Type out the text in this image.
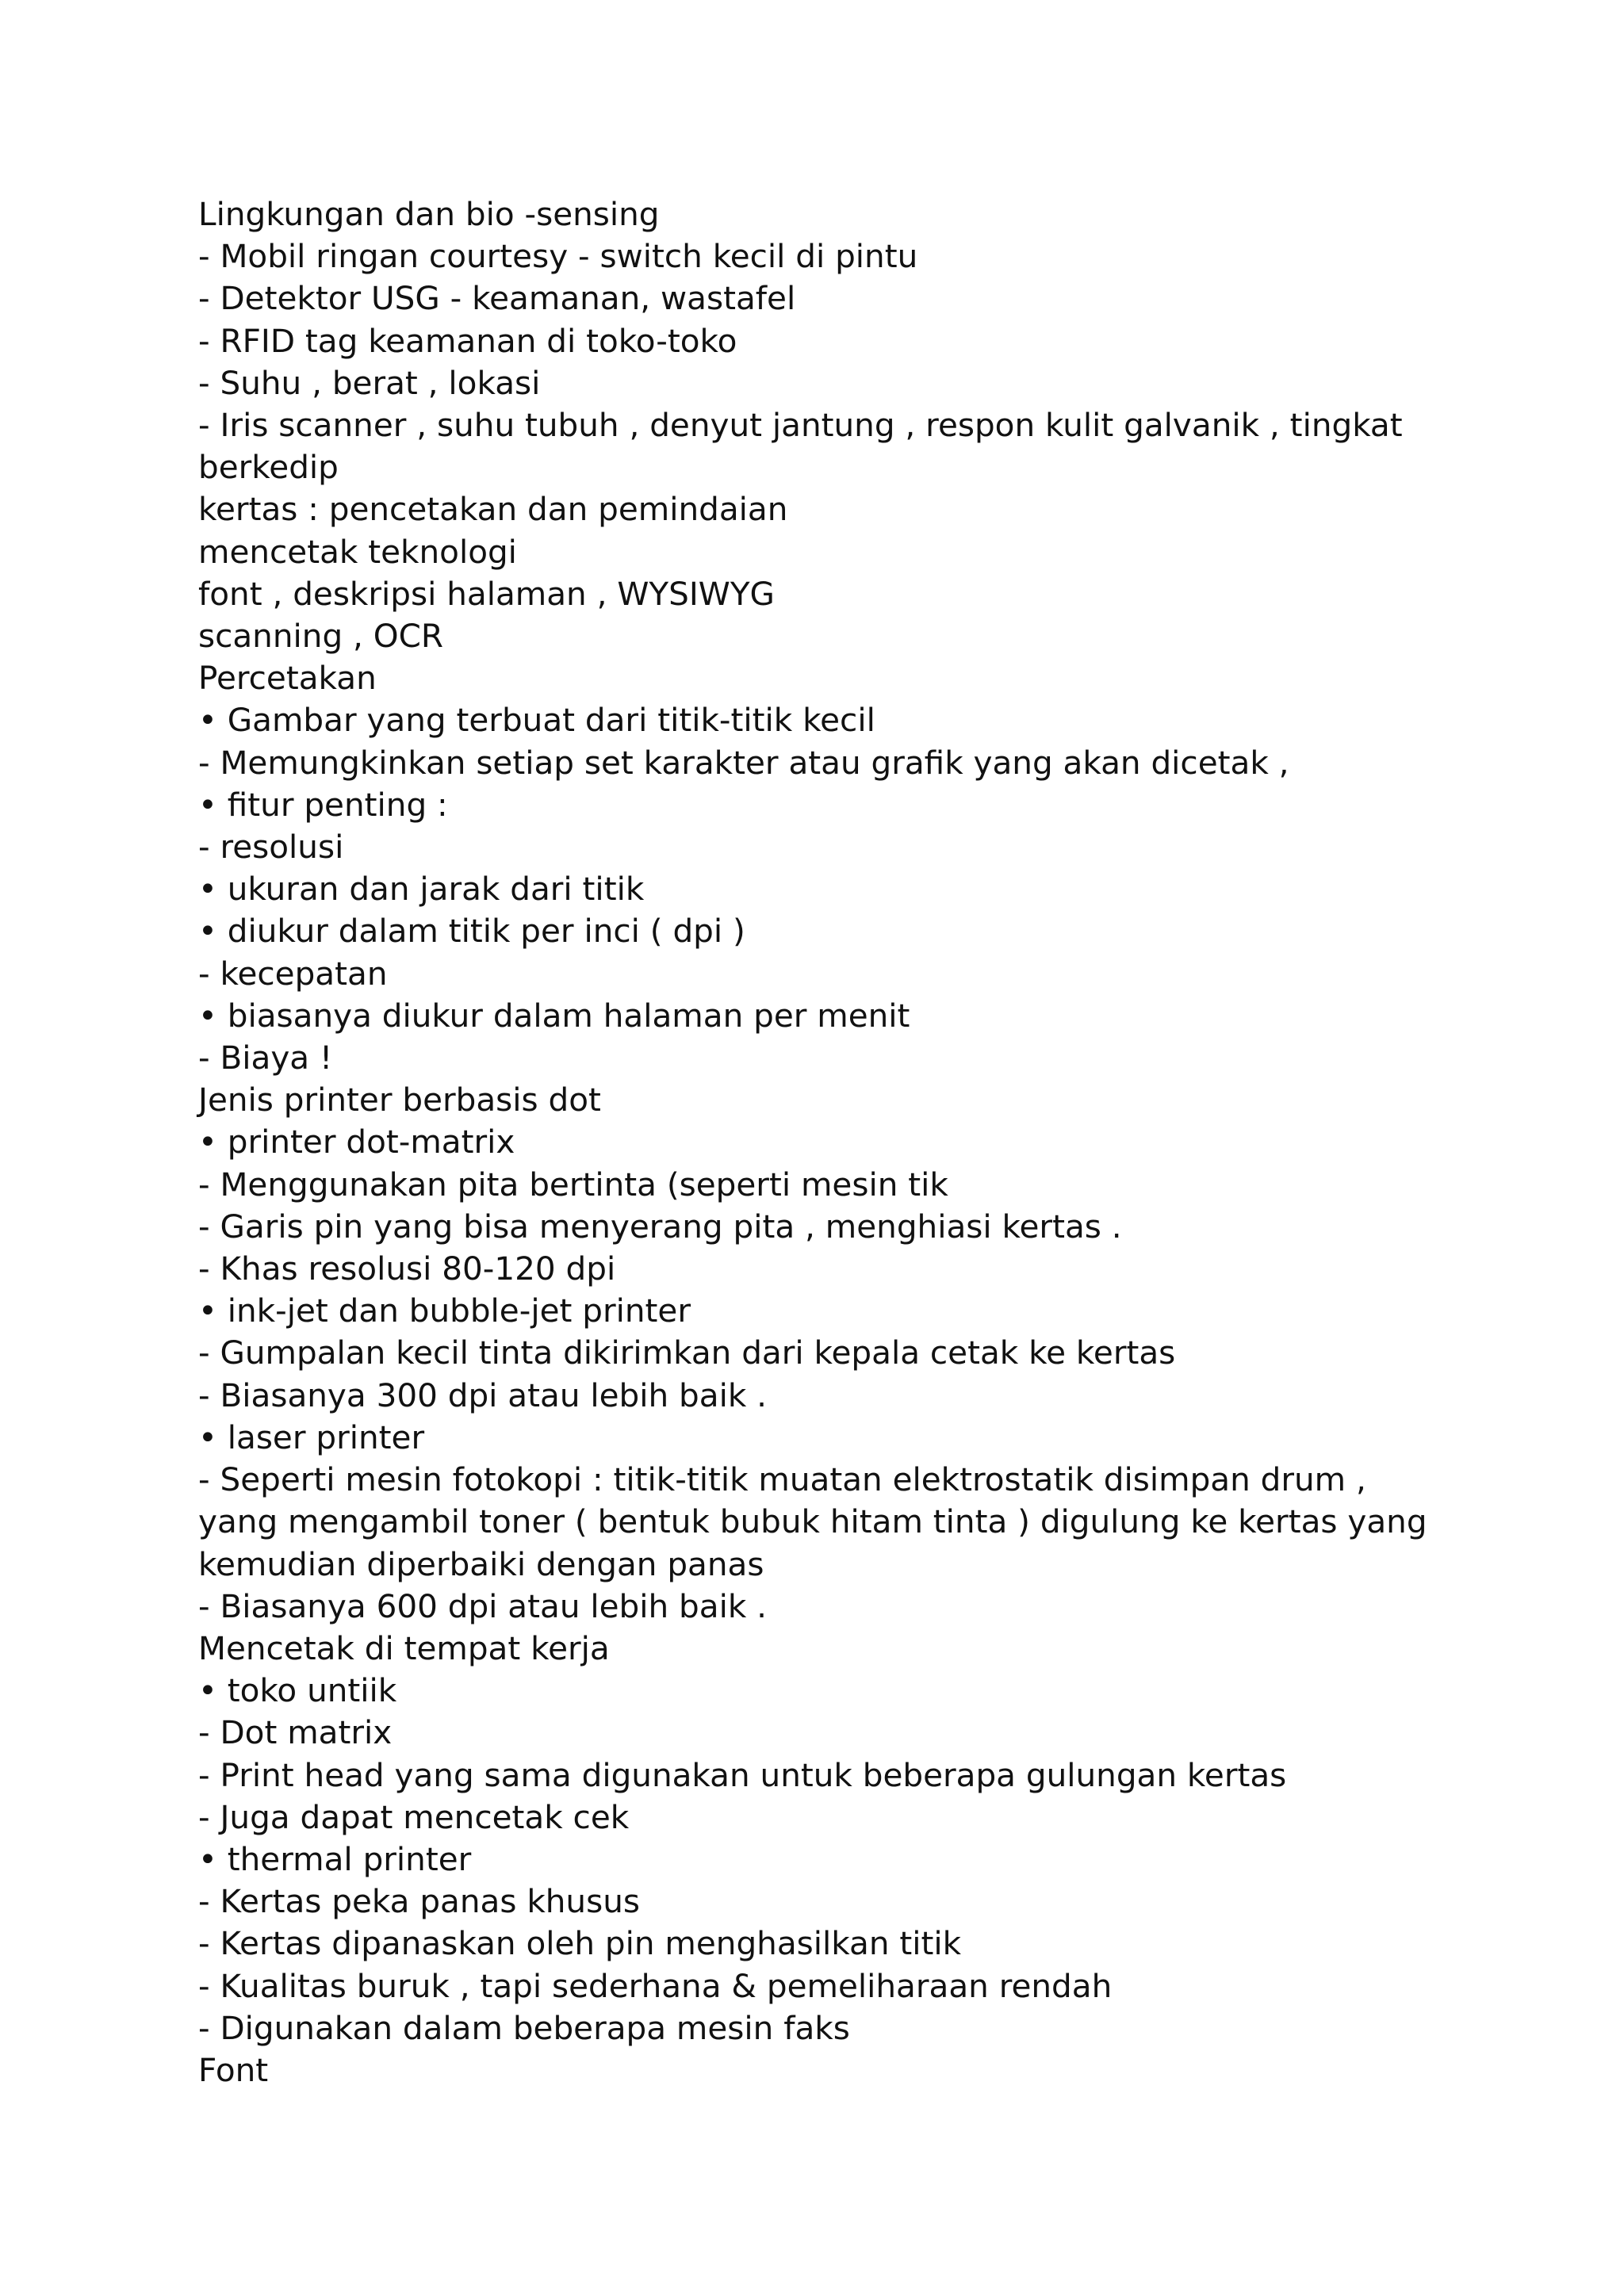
Lingkungan dan bio -sensing

- Mobil ringan courtesy - switch kecil di pintu

- Detektor USG - keamanan, wastafel

- RFID tag keamanan di toko-toko

- Suhu , berat , lokasi

- Iris scanner , suhu tubuh , denyut jantung , respon kulit galvanik , tingkat berkedip

kertas : pencetakan dan pemindaian

mencetak teknologi

font , deskripsi halaman , WYSIWYG

scanning , OCR

Percetakan

• Gambar yang terbuat dari titik-titik kecil

- Memungkinkan setiap set karakter atau grafik yang akan dicetak ,

• fitur penting :

- resolusi

• ukuran dan jarak dari titik

• diukur dalam titik per inci ( dpi )

- kecepatan

• biasanya diukur dalam halaman per menit

- Biaya !

Jenis printer berbasis dot

• printer dot-matrix

- Menggunakan pita bertinta (seperti mesin tik

- Garis pin yang bisa menyerang pita , menghiasi kertas .

- Khas resolusi 80-120 dpi

• ink-jet dan bubble-jet printer

- Gumpalan kecil tinta dikirimkan dari kepala cetak ke kertas

- Biasanya 300 dpi atau lebih baik .

• laser printer

- Seperti mesin fotokopi : titik-titik muatan elektrostatik disimpan drum , yang mengambil toner ( bentuk bubuk hitam tinta ) digulung ke kertas yang kemudian diperbaiki dengan panas

- Biasanya 600 dpi atau lebih baik .

Mencetak di tempat kerja

• toko untiik

- Dot matrix

- Print head yang sama digunakan untuk beberapa gulungan kertas

- Juga dapat mencetak cek

• thermal printer

- Kertas peka panas khusus

- Kertas dipanaskan oleh pin menghasilkan titik

- Kualitas buruk , tapi sederhana & pemeliharaan rendah

- Digunakan dalam beberapa mesin faks

Font
